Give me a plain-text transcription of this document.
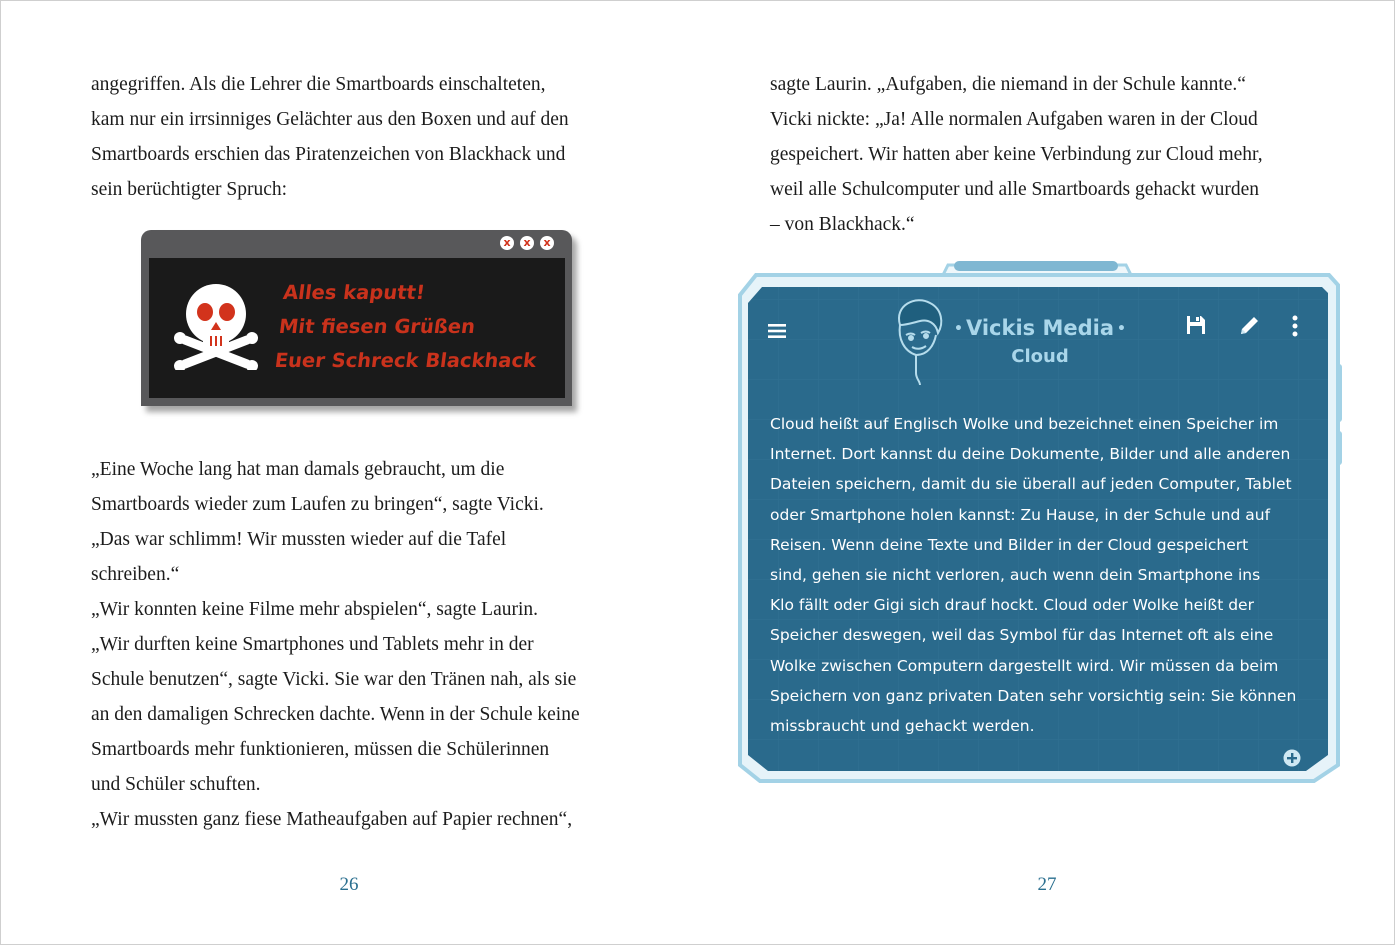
angegriffen. Als die Lehrer die Smartboards einschalteten,
kam nur ein irrsinniges Gelächter aus den Boxen und auf den
Smartboards erschien das Piratenzeichen von Blackhack und
sein berüchtigter Spruch:
x	x	x
Alles kaputt!
Mit fiesen Grüßen
Euer Schreck Blackhack
„Eine Woche lang hat man damals gebraucht, um die
Smartboards wieder zum Laufen zu bringen“, sagte Vicki.
„Das war schlimm! Wir mussten wieder auf die Tafel
schreiben.“
„Wir konnten keine Filme mehr abspielen“, sagte Laurin.
„Wir durften keine Smartphones und Tablets mehr in der
Schule benutzen“, sagte Vicki. Sie war den Tränen nah, als sie
an den damaligen Schrecken dachte. Wenn in der Schule keine
Smartboards mehr funktionieren, müssen die Schülerinnen
und Schüler schuften.
„Wir mussten ganz fiese Matheaufgaben auf Papier rechnen“,
26
sagte Laurin. „Aufgaben, die niemand in der Schule kannte.“
Vicki nickte: „Ja! Alle normalen Aufgaben waren in der Cloud
gespeichert. Wir hatten aber keine Verbindung zur Cloud mehr,
weil alle Schulcomputer und alle Smartboards gehackt wurden
– von Blackhack.“
27
• Vickis Media •
Cloud
Cloud heißt auf Englisch Wolke und bezeichnet einen Speicher im
Internet. Dort kannst du deine Dokumente, Bilder und alle anderen
Dateien speichern, damit du sie überall auf jeden Computer, Tablet
oder Smartphone holen kannst: Zu Hause, in der Schule und auf
Reisen. Wenn deine Texte und Bilder in der Cloud gespeichert
sind, gehen sie nicht verloren, auch wenn dein Smartphone ins
Klo fällt oder Gigi sich drauf hockt. Cloud oder Wolke heißt der
Speicher deswegen, weil das Symbol für das Internet oft als eine
Wolke zwischen Computern dargestellt wird. Wir müssen da beim
Speichern von ganz privaten Daten sehr vorsichtig sein: Sie können
missbraucht und gehackt werden.
